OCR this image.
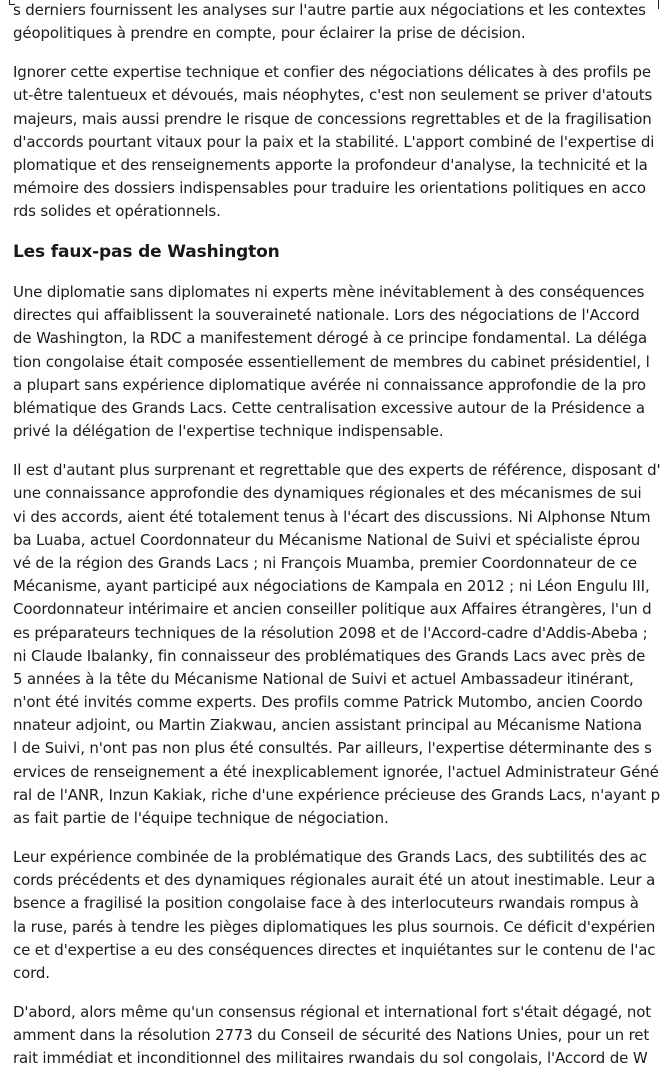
s derniers fournissent les analyses sur l'autre partie aux négociations et les contextes
géopolitiques à prendre en compte, pour éclairer la prise de décision.
Ignorer cette expertise technique et confier des négociations délicates à des profils pe
ut-être talentueux et dévoués, mais néophytes, c'est non seulement se priver d'atouts
majeurs, mais aussi prendre le risque de concessions regrettables et de la fragilisation
d'accords pourtant vitaux pour la paix et la stabilité. L'apport combiné de l'expertise di
plomatique et des renseignements apporte la profondeur d'analyse, la technicité et la
mémoire des dossiers indispensables pour traduire les orientations politiques en acco
rds solides et opérationnels.
Les faux-pas de Washington
Une diplomatie sans diplomates ni experts mène inévitablement à des conséquences
directes qui affaiblissent la souveraineté nationale. Lors des négociations de l'Accord
de Washington, la RDC a manifestement dérogé à ce principe fondamental. La déléga
tion congolaise était composée essentiellement de membres du cabinet présidentiel, l
a plupart sans expérience diplomatique avérée ni connaissance approfondie de la pro
blématique des Grands Lacs. Cette centralisation excessive autour de la Présidence a
privé la délégation de l'expertise technique indispensable.
Il est d'autant plus surprenant et regrettable que des experts de référence, disposant d'
une connaissance approfondie des dynamiques régionales et des mécanismes de sui
vi des accords, aient été totalement tenus à l'écart des discussions. Ni Alphonse Ntum
ba Luaba, actuel Coordonnateur du Mécanisme National de Suivi et spécialiste éprou
vé de la région des Grands Lacs ; ni François Muamba, premier Coordonnateur de ce
Mécanisme, ayant participé aux négociations de Kampala en 2012 ; ni Léon Engulu III,
Coordonnateur intérimaire et ancien conseiller politique aux Affaires étrangères, l'un d
es préparateurs techniques de la résolution 2098 et de l'Accord-cadre d'Addis-Abeba ;
ni Claude Ibalanky, fin connaisseur des problématiques des Grands Lacs avec près de
5 années à la tête du Mécanisme National de Suivi et actuel Ambassadeur itinérant,
n'ont été invités comme experts. Des profils comme Patrick Mutombo, ancien Coordo
nnateur adjoint, ou Martin Ziakwau, ancien assistant principal au Mécanisme Nationa
l de Suivi, n'ont pas non plus été consultés. Par ailleurs, l'expertise déterminante des s
ervices de renseignement a été inexplicablement ignorée, l'actuel Administrateur Géné
ral de l'ANR, Inzun Kakiak, riche d'une expérience précieuse des Grands Lacs, n'ayant p
as fait partie de l'équipe technique de négociation.
Leur expérience combinée de la problématique des Grands Lacs, des subtilités des ac
cords précédents et des dynamiques régionales aurait été un atout inestimable. Leur a
bsence a fragilisé la position congolaise face à des interlocuteurs rwandais rompus à
la ruse, parés à tendre les pièges diplomatiques les plus sournois. Ce déficit d'expérien
ce et d'expertise a eu des conséquences directes et inquiétantes sur le contenu de l'ac
cord.
D'abord, alors même qu'un consensus régional et international fort s'était dégagé, not
amment dans la résolution 2773 du Conseil de sécurité des Nations Unies, pour un ret
rait immédiat et inconditionnel des militaires rwandais du sol congolais, l'Accord de W
